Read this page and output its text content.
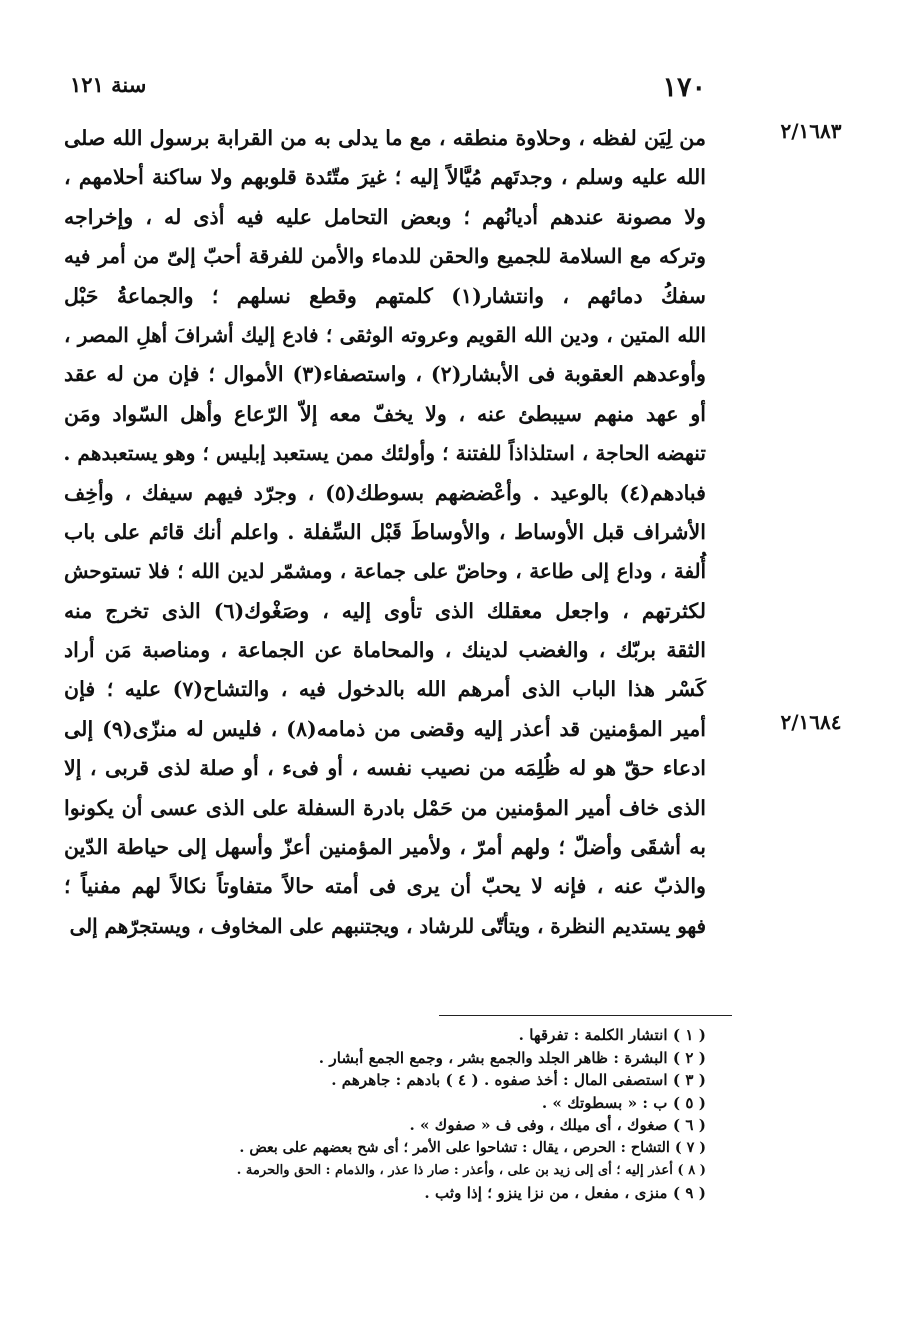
١٧٠
سنة ١٢١
٢/١٦٨٣
٢/١٦٨٤
من لِيَن لفظه ، وحلاوة منطقه ، مع ما يدلى به من القرابة برسول الله صلى
الله عليه وسلم ، وجدتَهم مُيَّالاً إليه ؛ غيرَ متّئدة قلوبهم ولا ساكنة أحلامهم ،
ولا مصونة عندهم أديانُهم ؛ وبعض التحامل عليه فيه أذى له ، وإخراجه
وتركه مع السلامة للجميع والحقن للدماء والأمن للفرقة أحبّ إلىّ من أمر فيه
سفكُ دمائهم ، وانتشار(١) كلمتهم وقطع نسلهم ؛ والجماعةُ حَبْل
الله المتين ، ودين الله القويم وعروته الوثقى ؛ فادع إليك أشرافَ أهلِ المصر ،
وأوعدهم العقوبة فى الأبشار(٢) ، واستصفاء(٣) الأموال ؛ فإن من له عقد
أو عهد منهم سيبطئ عنه ، ولا يخفّ معه إلاّ الرّعاع وأهل السّواد ومَن
تنهضه الحاجة ، استلذاذاً للفتنة ؛ وأولئك ممن يستعبد إبليس ؛ وهو يستعبدهم .
فبادهم(٤) بالوعيد . وأعْضضهم بسوطك(٥) ، وجرّد فيهم سيفك ، وأخِف
الأشراف قبل الأوساط ، والأوساطَ قَبْل السِّفلة . واعلم أنك قائم على باب
أُلفة ، وداع إلى طاعة ، وحاضّ على جماعة ، ومشمّر لدين الله ؛ فلا تستوحش
لكثرتهم ، واجعل معقلك الذى تأوى إليه ، وصَغْوك(٦) الذى تخرج منه
الثقة بربّك ، والغضب لدينك ، والمحاماة عن الجماعة ، ومناصبة مَن أراد
كَسْر هذا الباب الذى أمرهم الله بالدخول فيه ، والتشاح(٧) عليه ؛ فإن
أمير المؤمنين قد أعذر إليه وقضى من ذمامه(٨) ، فليس له منزّى(٩) إلى
ادعاء حقّ هو له ظُلِمَه من نصيب نفسه ، أو فىء ، أو صلة لذى قربى ، إلا
الذى خاف أمير المؤمنين من حَمْل بادرة السفلة على الذى عسى أن يكونوا
به أشقَى وأضلّ ؛ ولهم أمرّ ، ولأمير المؤمنين أعزّ وأسهل إلى حياطة الدّين
والذبّ عنه ، فإنه لا يحبّ أن يرى فى أمته حالاً متفاوتاً نكالاً لهم مفنياً ؛
فهو يستديم النظرة ، ويتأتّى للرشاد ، ويجتنبهم على المخاوف ، ويستجرّهم إلى
( ١ ) انتشار الكلمة : تفرقها .
( ٢ ) البشرة : ظاهر الجلد والجمع بشر ، وجمع الجمع أبشار .
( ٣ ) استصفى المال : أخذ صفوه . ( ٤ ) بادهم : جاهرهم .
( ٥ ) ب : « بسطوتك » .
( ٦ ) صغوك ، أى ميلك ، وفى ف « صفوك » .
( ٧ ) التشاح : الحرص ، يقال : تشاحوا على الأمر ؛ أى شح بعضهم على بعض .
( ٨ ) أعذر إليه ؛ أى إلى زيد بن على ، وأعذر : صار ذا عذر ، والذمام : الحق والحرمة .
( ٩ ) منزى ، مفعل ، من نزا ينزو ؛ إذا وثب .
